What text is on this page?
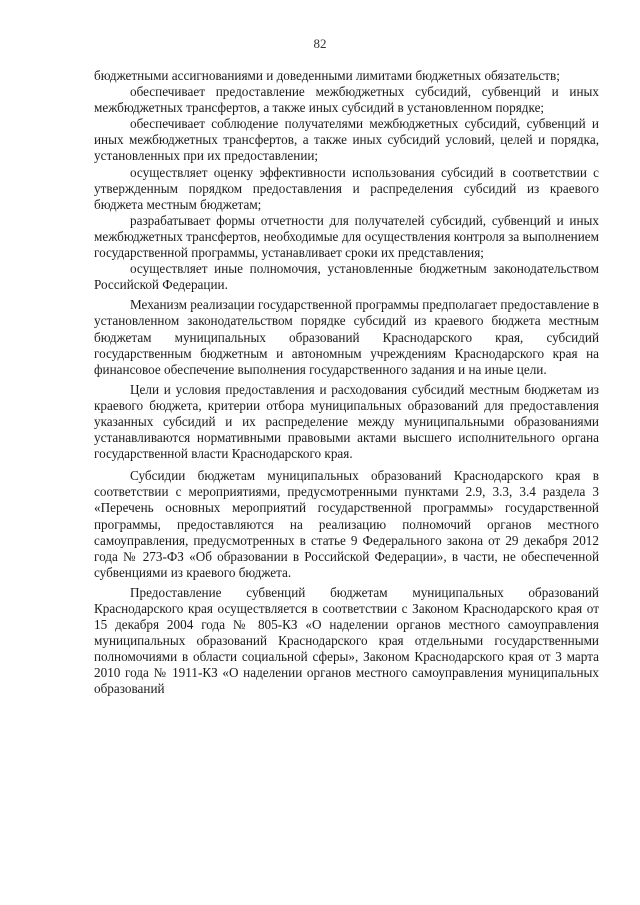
82

бюджетными ассигнованиями и доведенными лимитами бюджетных обязательств;

обеспечивает предоставление межбюджетных субсидий, субвенций и иных межбюджетных трансфертов, а также иных субсидий в установленном порядке;

обеспечивает соблюдение получателями межбюджетных субсидий, субвенций и иных межбюджетных трансфертов, а также иных субсидий условий, целей и порядка, установленных при их предоставлении;

осуществляет оценку эффективности использования субсидий в соответствии с утвержденным порядком предоставления и распределения субсидий из краевого бюджета местным бюджетам;

разрабатывает формы отчетности для получателей субсидий, субвенций и иных межбюджетных трансфертов, необходимые для осуществления контроля за выполнением государственной программы, устанавливает сроки их представления;

осуществляет иные полномочия, установленные бюджетным законодательством Российской Федерации.

Механизм реализации государственной программы предполагает предоставление в установленном законодательством порядке субсидий из краевого бюджета местным бюджетам муниципальных образований Краснодарского края, субсидий государственным бюджетным и автономным учреждениям Краснодарского края на финансовое обеспечение выполнения государственного задания и на иные цели.

Цели и условия предоставления и расходования субсидий местным бюджетам из краевого бюджета, критерии отбора муниципальных образований для предоставления указанных субсидий и их распределение между муниципальными образованиями устанавливаются нормативными правовыми актами высшего исполнительного органа государственной власти Краснодарского края.

Субсидии бюджетам муниципальных образований Краснодарского края в соответствии с мероприятиями, предусмотренными пунктами 2.9, 3.3, 3.4 раздела 3 «Перечень основных мероприятий государственной программы» государственной программы, предоставляются на реализацию полномочий органов местного самоуправления, предусмотренных в статье 9 Федерального закона от 29 декабря 2012 года № 273-ФЗ «Об образовании в Российской Федерации», в части, не обеспеченной субвенциями из краевого бюджета.

Предоставление субвенций бюджетам муниципальных образований Краснодарского края осуществляется в соответствии с Законом Краснодарского края от 15 декабря 2004 года № 805-КЗ «О наделении органов местного самоуправления муниципальных образований Краснодарского края отдельными государственными полномочиями в области социальной сферы», Законом Краснодарского края от 3 марта 2010 года № 1911-КЗ «О наделении органов местного самоуправления муниципальных образований
